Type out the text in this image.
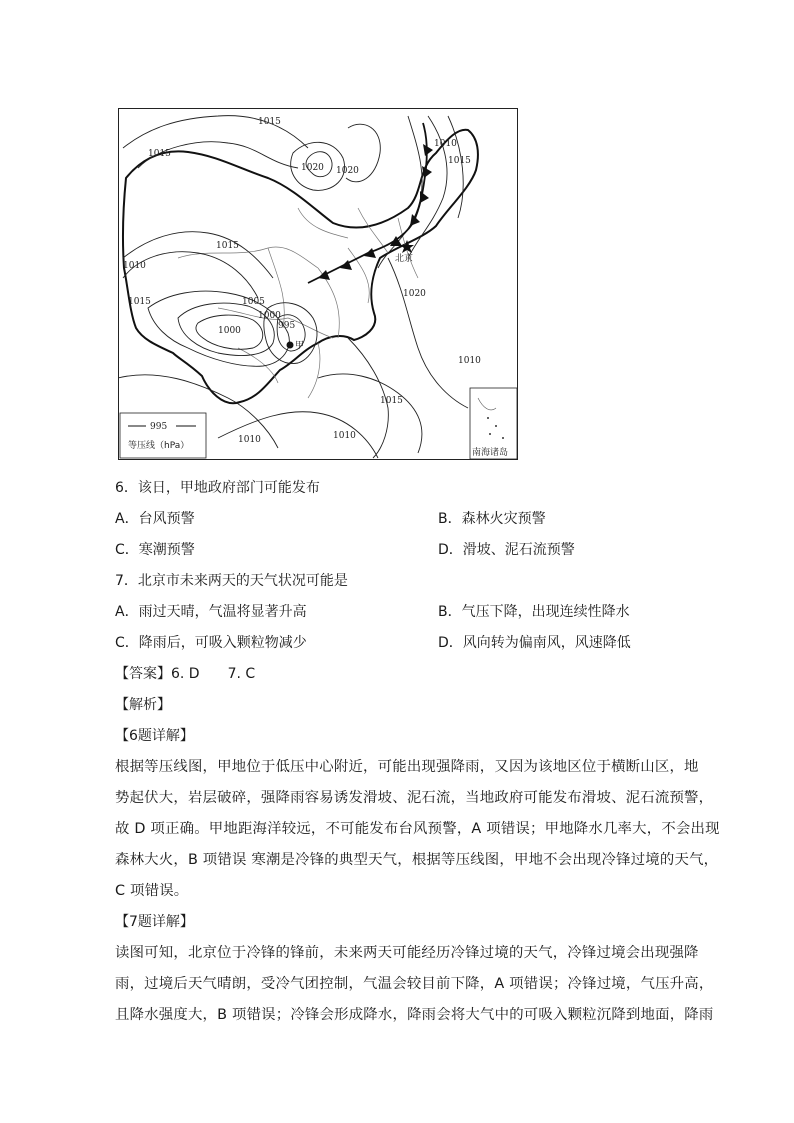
北京
甲
1015
1015
1020 1020
1010
1015
1015
1010
1015	1005
1000
1000
995
1020
1015
1010	1010
1010
995
等压线（hPa）
南海诸岛
6．该日，甲地政府部门可能发布
A．台风预警	B．森林火灾预警
C．寒潮预警	D．滑坡、泥石流预警
7．北京市未来两天的天气状况可能是
A．雨过天晴，气温将显著升高	B．气压下降，出现连续性降水
C．降雨后，可吸入颗粒物减少	D．风向转为偏南风，风速降低
【答案】6. D　　7. C
【解析】
【6题详解】
根据等压线图，甲地位于低压中心附近，可能出现强降雨，又因为该地区位于横断山区，地
势起伏大，岩层破碎，强降雨容易诱发滑坡、泥石流，当地政府可能发布滑坡、泥石流预警，
故 D 项正确。甲地距海洋较远，不可能发布台风预警，A 项错误；甲地降水几率大，不会出现
森林大火，B 项错误 寒潮是冷锋的典型天气，根据等压线图，甲地不会出现冷锋过境的天气，
C 项错误。
【7题详解】
读图可知，北京位于冷锋的锋前，未来两天可能经历冷锋过境的天气，冷锋过境会出现强降
雨，过境后天气晴朗，受冷气团控制，气温会较目前下降，A 项错误；冷锋过境，气压升高，
且降水强度大，B 项错误；冷锋会形成降水，降雨会将大气中的可吸入颗粒沉降到地面，降雨
